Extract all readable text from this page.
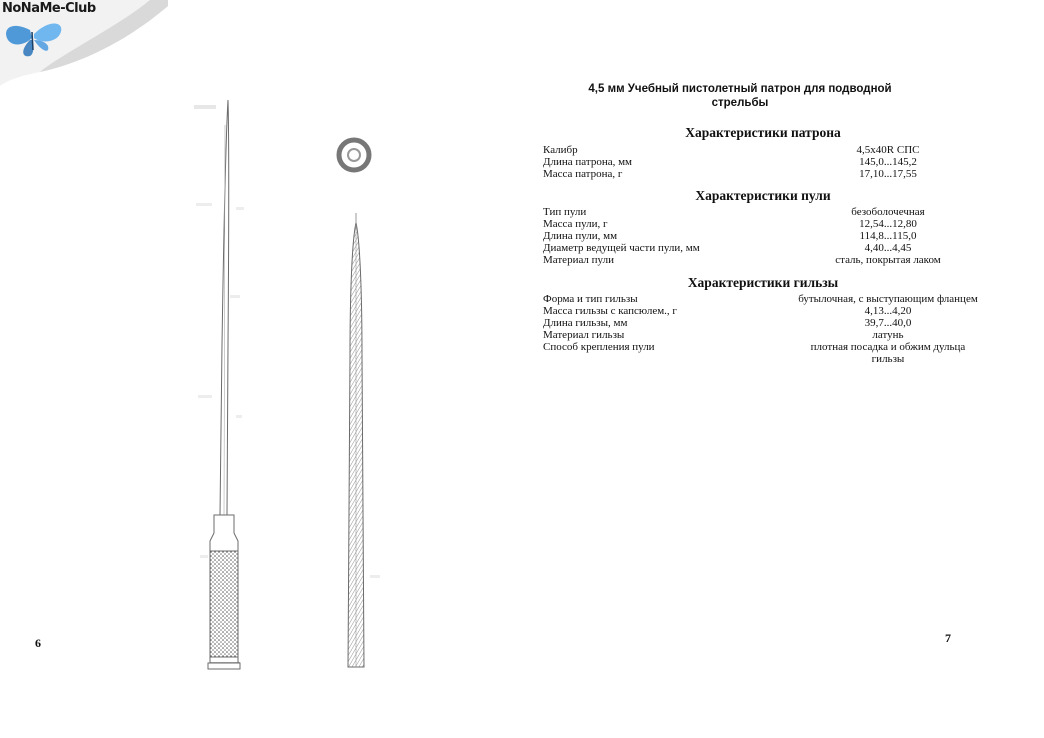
NoNaMe-Club
6	7
4,5 мм Учебный пистолетный патрон для подводной стрельбы
Характеристики патрона
Калибр	4,5х40R СПС
Длина патрона, мм	145,0...145,2
Масса патрона, г	17,10...17,55
Характеристики пули
Тип пули	безоболочечная
Масса пули, г	12,54...12,80
Длина пули, мм	114,8...115,0
Диаметр ведущей части пули, мм	4,40...4,45
Материал пули	сталь, покрытая лаком
Характеристики гильзы
Форма и тип гильзы	бутылочная, с выступающим фланцем
Масса гильзы с капсюлем., г	4,13...4,20
Длина гильзы, мм	39,7...40,0
Материал гильзы	латунь
Способ крепления пули	плотная посадка и обжим дульца гильзы
